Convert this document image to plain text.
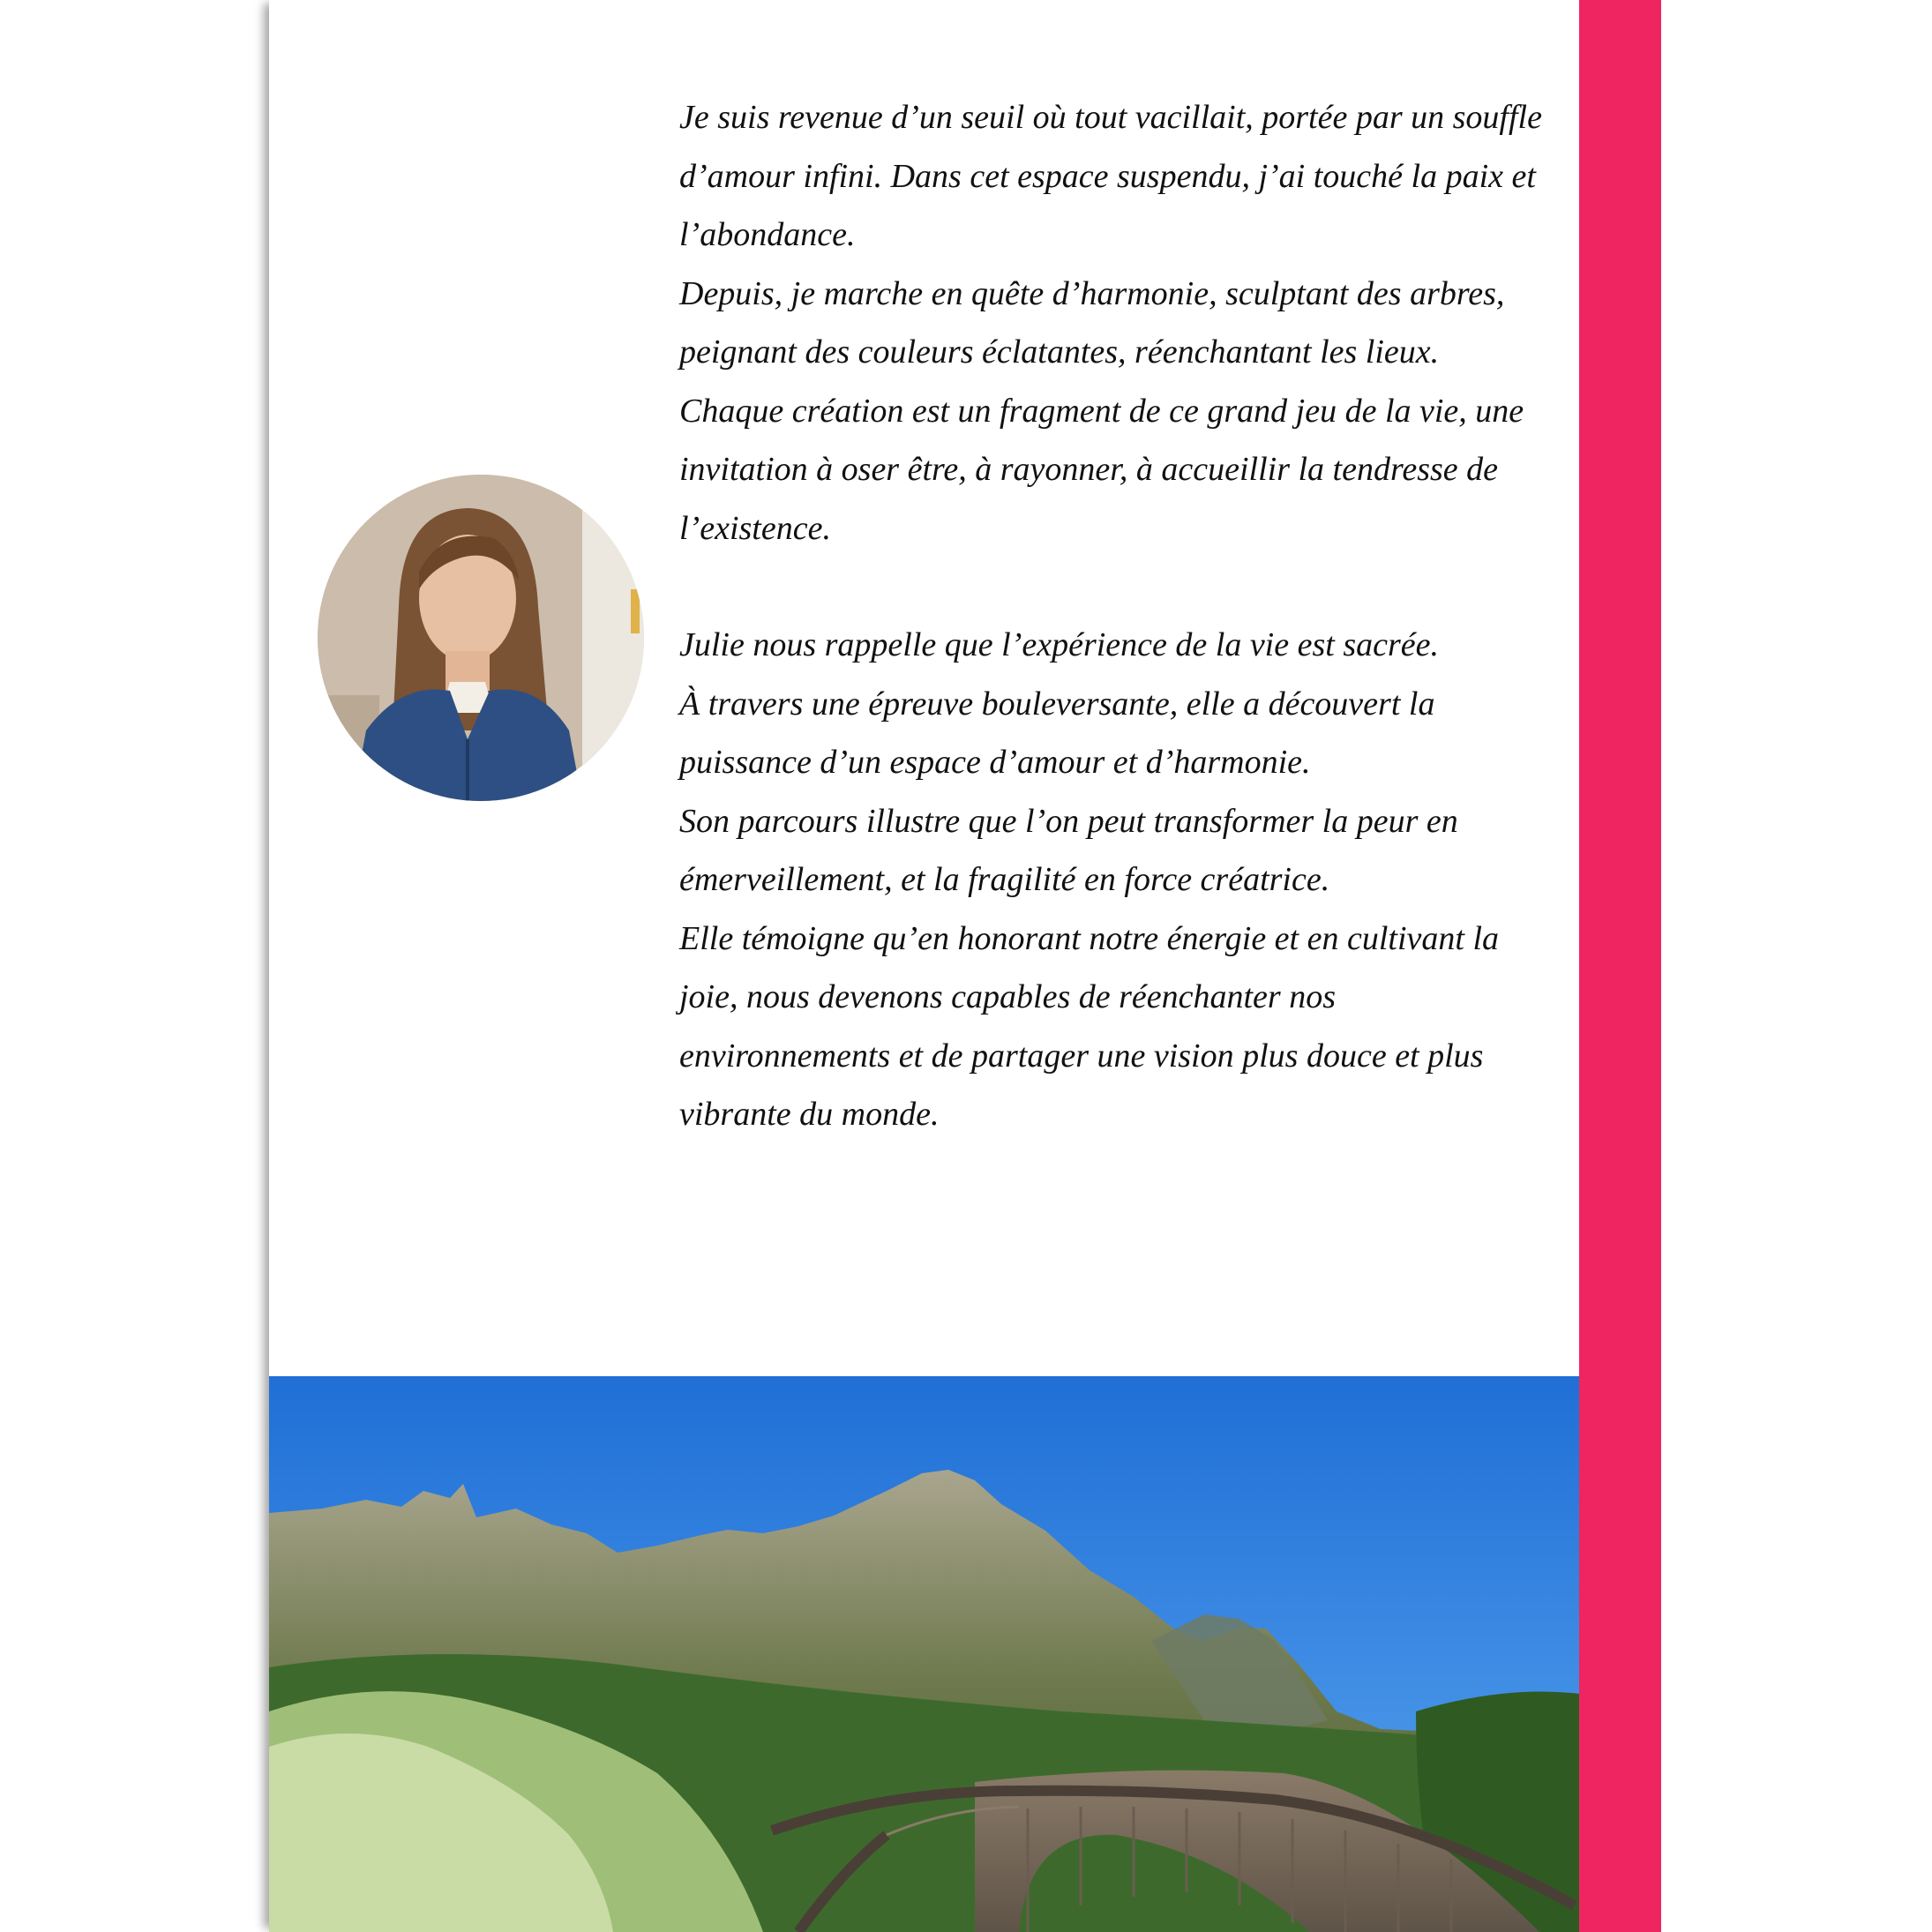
Je suis revenue d’un seuil où tout vacillait, portée par un souffle d’amour infini. Dans cet espace suspendu, j’ai touché la paix et l’abondance.

Depuis, je marche en quête d’harmonie, sculptant des arbres, peignant des couleurs éclatantes, réenchantant les lieux. Chaque création est un fragment de ce grand jeu de la vie, une invitation à oser être, à rayonner, à accueillir la tendresse de l’existence.

Julie nous rappelle que l’expérience de la vie est sacrée.

À travers une épreuve bouleversante, elle a découvert la puissance d’un espace d’amour et d’harmonie.

Son parcours illustre que l’on peut transformer la peur en émerveillement, et la fragilité en force créatrice.

Elle témoigne qu’en honorant notre énergie et en cultivant la joie, nous devenons capables de réenchanter nos environnements et de partager une vision plus douce et plus vibrante du monde.
